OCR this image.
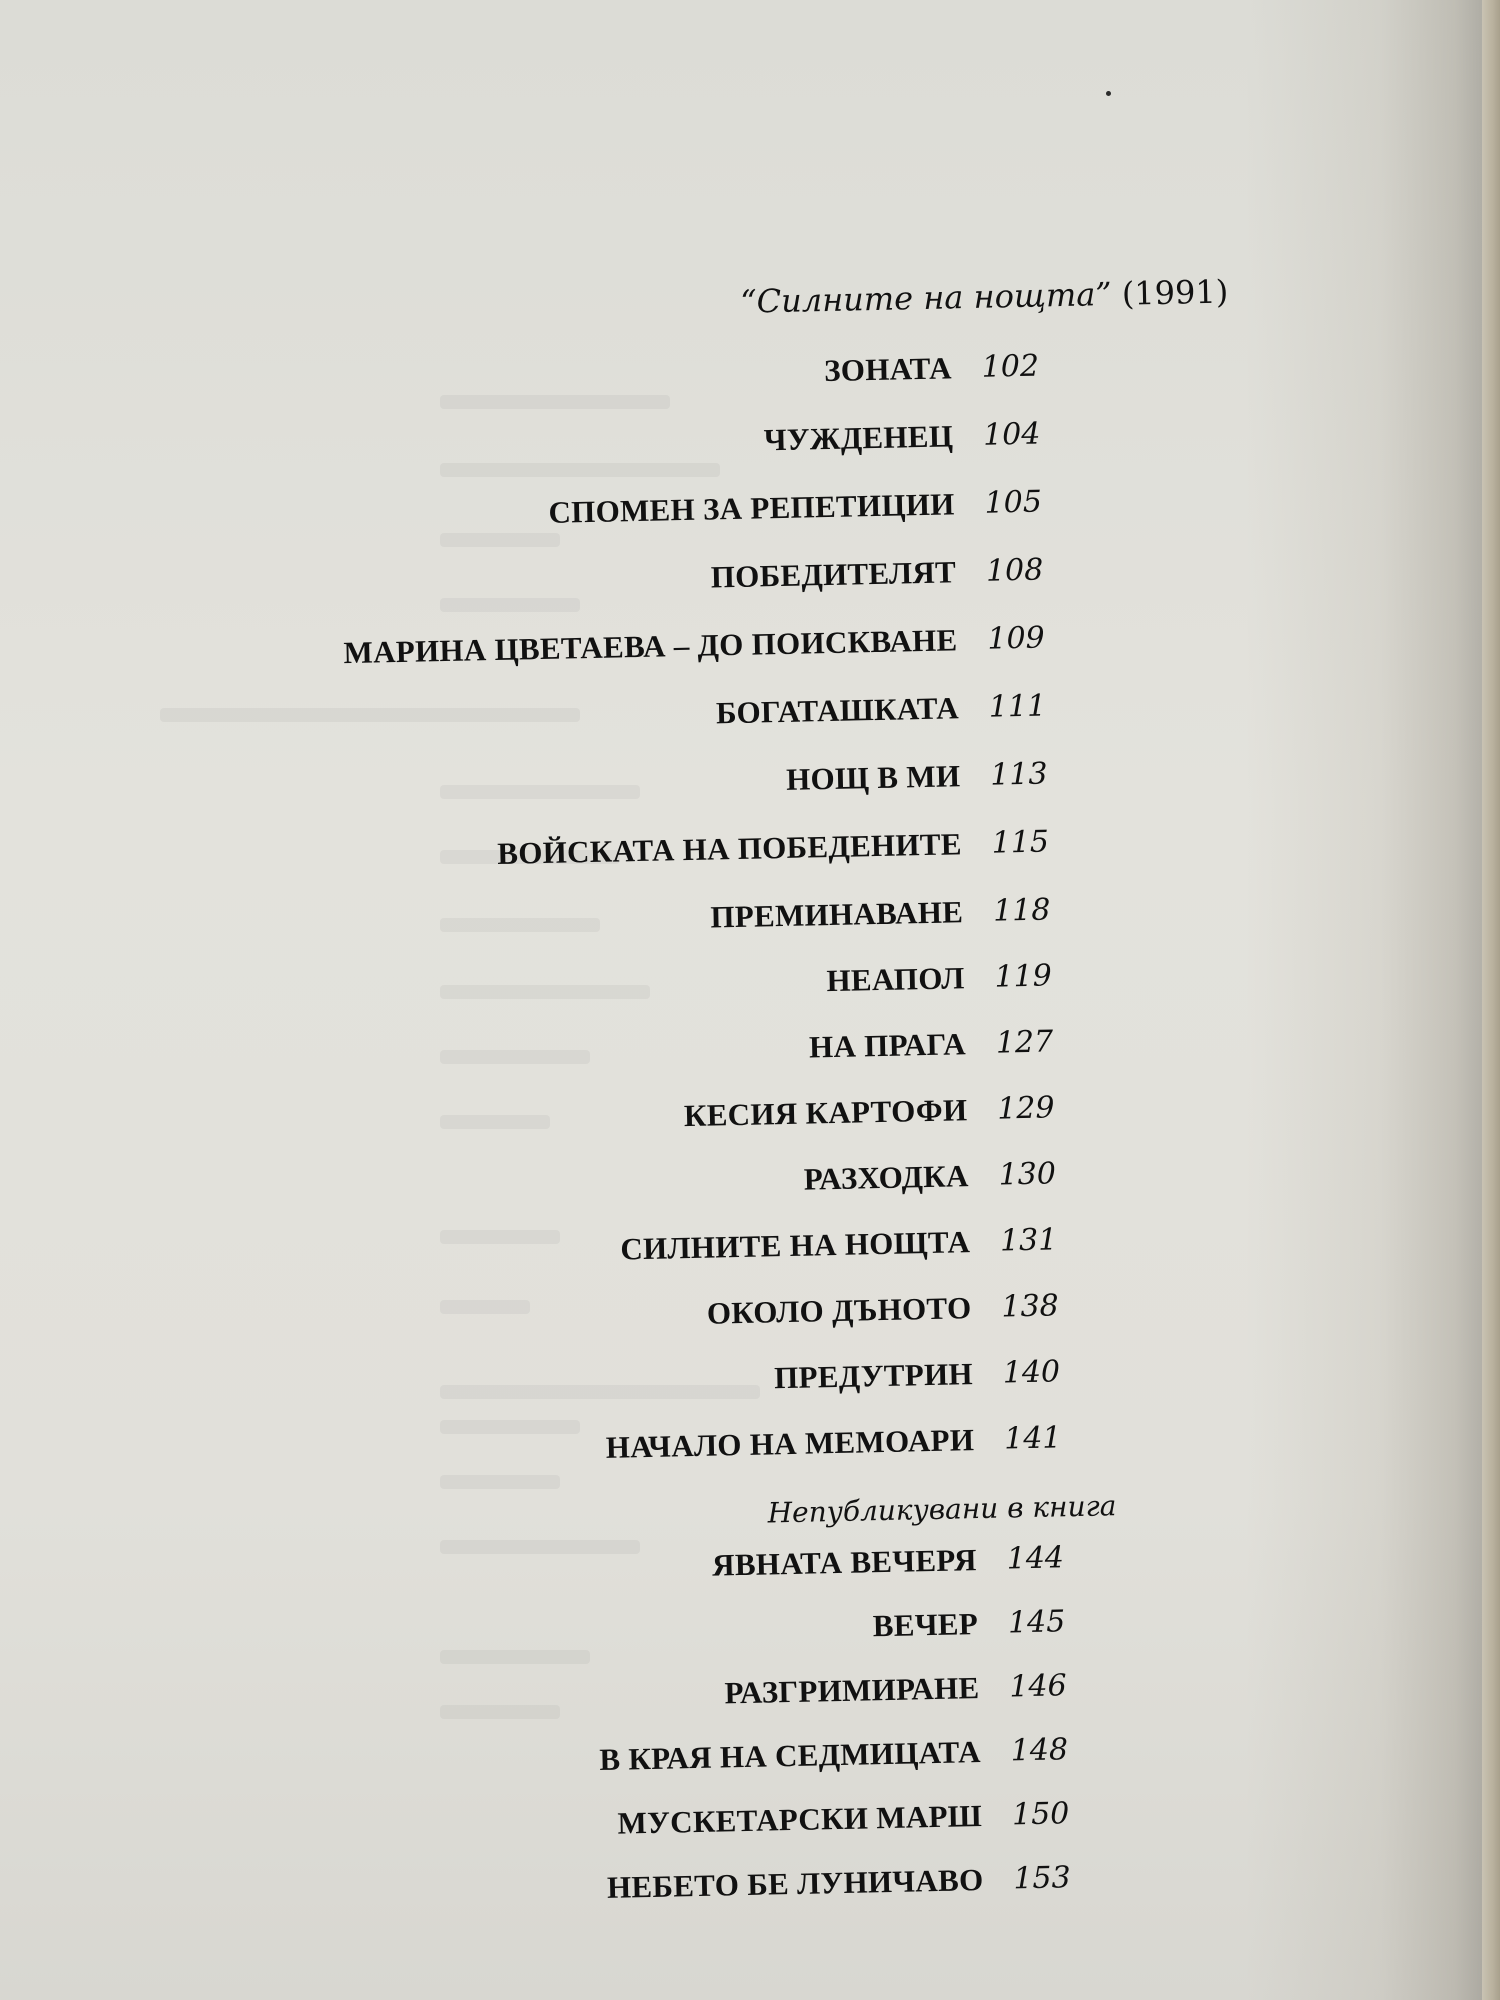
“Силните на нощта” (1991)
ЗОНАТА 102
ЧУЖДЕНЕЦ 104
СПОМЕН ЗА РЕПЕТИЦИИ 105
ПОБЕДИТЕЛЯТ 108
МАРИНА ЦВЕТАЕВА – ДО ПОИСКВАНЕ 109
БОГАТАШКАТА 111
НОЩ В МИ 113
ВОЙСКАТА НА ПОБЕДЕНИТЕ 115
ПРЕМИНАВАНЕ 118
НЕАПОЛ 119
НА ПРАГА 127
КЕСИЯ КАРТОФИ 129
РАЗХОДКА 130
СИЛНИТЕ НА НОЩТА 131
ОКОЛО ДЪНОТО 138
ПРЕДУТРИН 140
НАЧАЛО НА МЕМОАРИ 141
Непубликувани в книга
ЯВНАТА ВЕЧЕРЯ 144
ВЕЧЕР 145
РАЗГРИМИРАНЕ 146
В КРАЯ НА СЕДМИЦАТА 148
МУСКЕТАРСКИ МАРШ 150
НЕБЕТО БЕ ЛУНИЧАВО 153
